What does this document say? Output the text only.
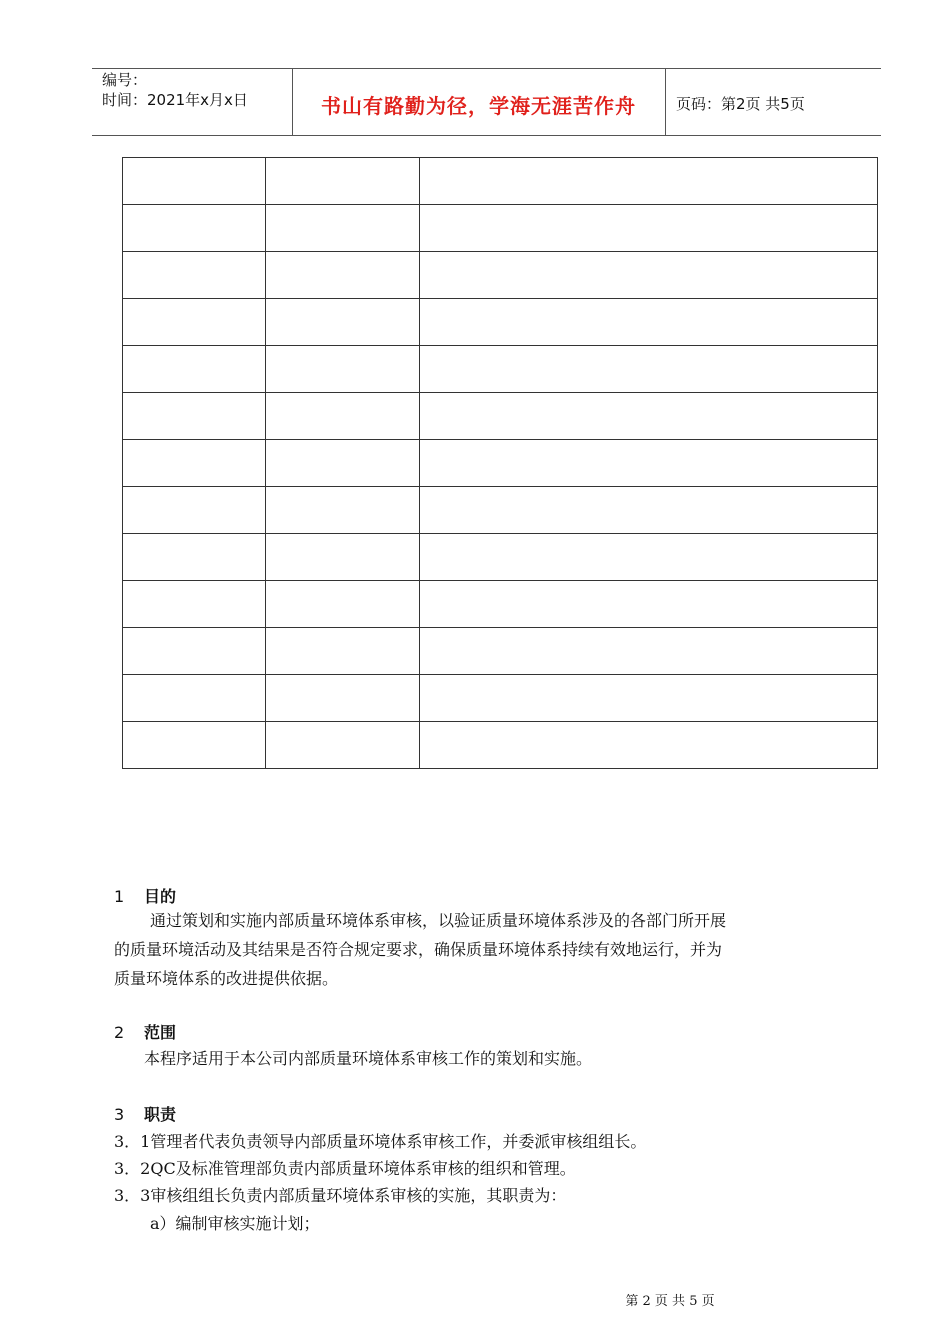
编号：
时间：2021年x月x日	书山有路勤为径，学海无涯苦作舟	页码：第2页 共5页

1 目的
通过策划和实施内部质量环境体系审核，以验证质量环境体系涉及的各部门所开展
的质量环境活动及其结果是否符合规定要求，确保质量环境体系持续有效地运行，并为
质量环境体系的改进提供依据。
2 范围
本程序适用于本公司内部质量环境体系审核工作的策划和实施。
3 职责
3．1管理者代表负责领导内部质量环境体系审核工作，并委派审核组组长。
3．2QC及标准管理部负责内部质量环境体系审核的组织和管理。
3．3审核组组长负责内部质量环境体系审核的实施，其职责为：
a）编制审核实施计划；
第 2 页 共 5 页
